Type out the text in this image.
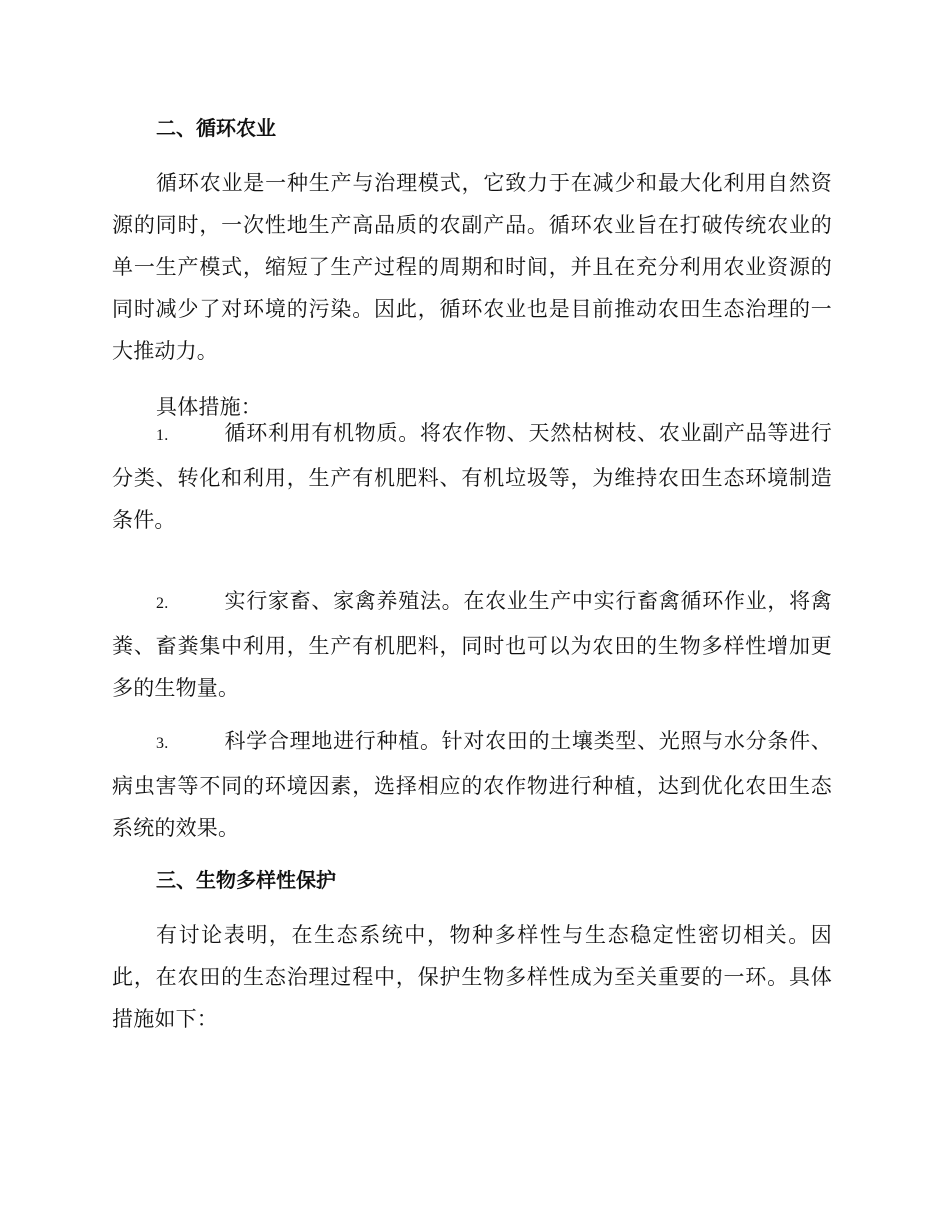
二、循环农业

循环农业是一种生产与治理模式，它致力于在减少和最大化利用自然资源的同时，一次性地生产高品质的农副产品。循环农业旨在打破传统农业的单一生产模式，缩短了生产过程的周期和时间，并且在充分利用农业资源的同时减少了对环境的污染。因此，循环农业也是目前推动农田生态治理的一大推动力。

具体措施：

1.	循环利用有机物质。将农作物、天然枯树枝、农业副产品等进行分类、转化和利用，生产有机肥料、有机垃圾等，为维持农田生态环境制造条件。
2.	实行家畜、家禽养殖法。在农业生产中实行畜禽循环作业，将禽粪、畜粪集中利用，生产有机肥料，同时也可以为农田的生物多样性增加更多的生物量。
3.	科学合理地进行种植。针对农田的土壤类型、光照与水分条件、病虫害等不同的环境因素，选择相应的农作物进行种植，达到优化农田生态系统的效果。
三、生物多样性保护

有讨论表明，在生态系统中，物种多样性与生态稳定性密切相关。因此，在农田的生态治理过程中，保护生物多样性成为至关重要的一环。具体措施如下：
